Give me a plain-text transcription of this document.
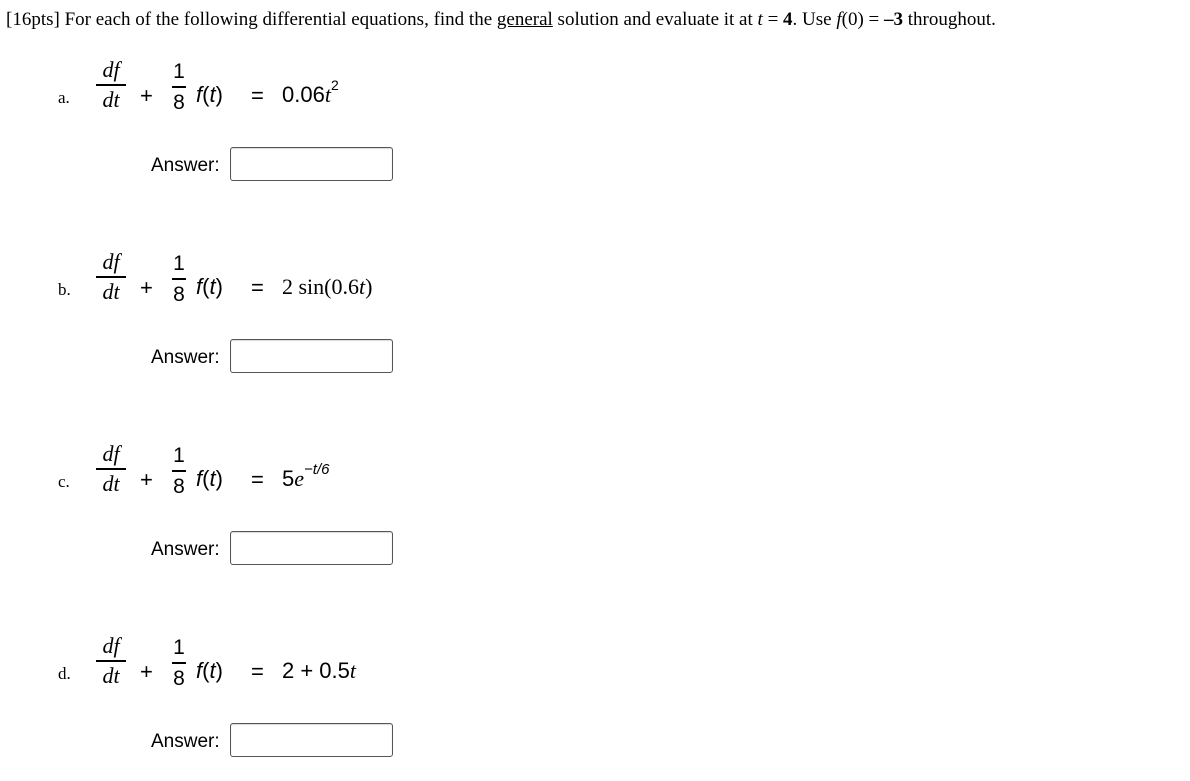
[16pts] For each of the following differential equations, find the general solution and evaluate it at t = 4. Use f(0) = –3 throughout.
a.
df
dt +
1
8 $f(t) = 0.06t^2$
Answer:
b.
df
dt +
1
8 f(t) = 2 sin(0.6t)
Answer:
c.
df
dt +
1
8 $f(t) = 5e^{-t/6}$
Answer:
d.
df
dt +
1
8 f(t) = 2 + 0.5t
Answer:
